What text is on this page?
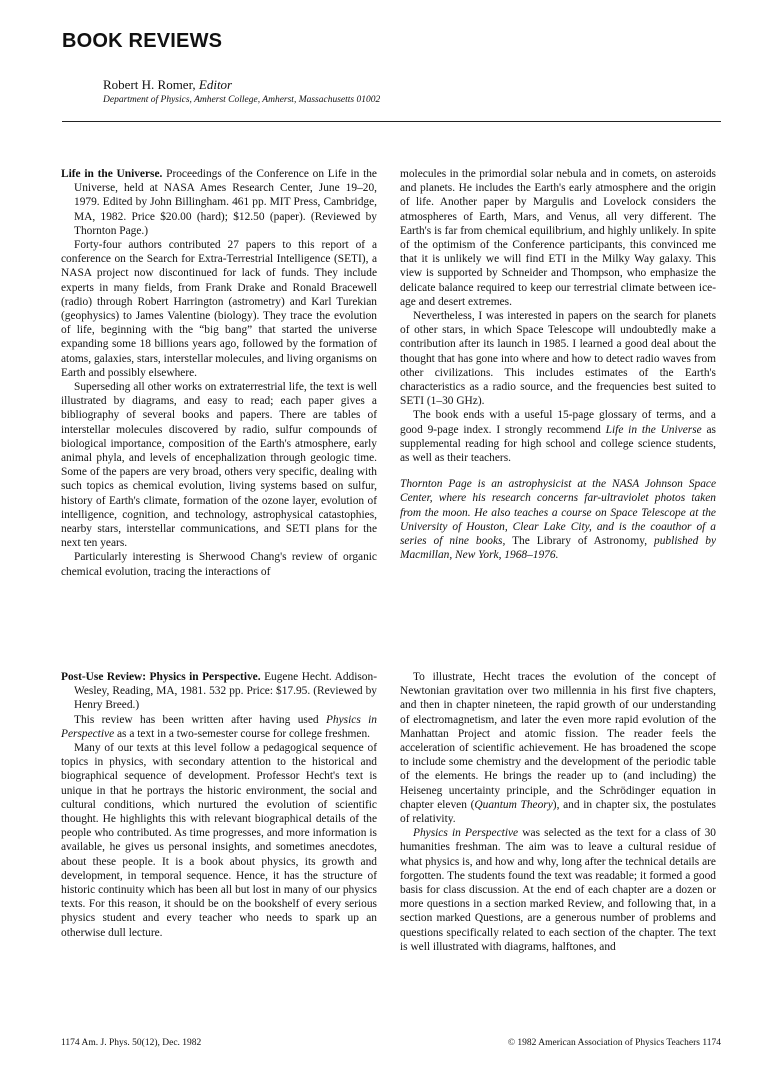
BOOK REVIEWS
Robert H. Romer, Editor
Department of Physics, Amherst College, Amherst, Massachusetts 01002

Life in the Universe. Proceedings of the Conference on Life in the Universe, held at NASA Ames Research Center, June 19–20, 1979. Edited by John Billingham. 461 pp. MIT Press, Cambridge, MA, 1982. Price $20.00 (hard); $12.50 (paper). (Reviewed by Thornton Page.)

Forty-four authors contributed 27 papers to this report of a conference on the Search for Extra-Terrestrial Intelligence (SETI), a NASA project now discontinued for lack of funds. They include experts in many fields, from Frank Drake and Ronald Bracewell (radio) through Robert Harrington (astrometry) and Karl Turekian (geophysics) to James Valentine (biology). They trace the evolution of life, beginning with the “big bang” that started the universe expanding some 18 billions years ago, followed by the formation of atoms, galaxies, stars, interstellar molecules, and living organisms on Earth and possibly elsewhere.

Superseding all other works on extraterrestrial life, the text is well illustrated by diagrams, and easy to read; each paper gives a bibliography of several books and papers. There are tables of interstellar molecules discovered by radio, sulfur compounds of biological importance, composition of the Earth's atmosphere, early animal phyla, and levels of encephalization through geologic time. Some of the papers are very broad, others very specific, dealing with such topics as chemical evolution, living systems based on sulfur, history of Earth's climate, formation of the ozone layer, evolution of intelligence, cognition, and technology, astrophysical catastophies, nearby stars, interstellar communications, and SETI plans for the next ten years.

Particularly interesting is Sherwood Chang's review of organic chemical evolution, tracing the interactions of

molecules in the primordial solar nebula and in comets, on asteroids and planets. He includes the Earth's early atmosphere and the origin of life. Another paper by Margulis and Lovelock considers the atmospheres of Earth, Mars, and Venus, all very different. The Earth's is far from chemical equilibrium, and highly unlikely. In spite of the optimism of the Conference participants, this convinced me that it is unlikely we will find ETI in the Milky Way galaxy. This view is supported by Schneider and Thompson, who emphasize the delicate balance required to keep our terrestrial climate between ice-age and desert extremes.

Nevertheless, I was interested in papers on the search for planets of other stars, in which Space Telescope will undoubtedly make a contribution after its launch in 1985. I learned a good deal about the thought that has gone into where and how to detect radio waves from other civilizations. This includes estimates of the Earth's characteristics as a radio source, and the frequencies best suited to SETI (1–30 GHz).

The book ends with a useful 15-page glossary of terms, and a good 9-page index. I strongly recommend Life in the Universe as supplemental reading for high school and college science students, as well as their teachers.

Thornton Page is an astrophysicist at the NASA Johnson Space Center, where his research concerns far-ultraviolet photos taken from the moon. He also teaches a course on Space Telescope at the University of Houston, Clear Lake City, and is the coauthor of a series of nine books, The Library of Astronomy, published by Macmillan, New York, 1968–1976.

Post-Use Review: Physics in Perspective. Eugene Hecht. Addison-Wesley, Reading, MA, 1981. 532 pp. Price: $17.95. (Reviewed by Henry Breed.)

This review has been written after having used Physics in Perspective as a text in a two-semester course for college freshmen.

Many of our texts at this level follow a pedagogical sequence of topics in physics, with secondary attention to the historical and biographical sequence of development. Professor Hecht's text is unique in that he portrays the historic environment, the social and cultural conditions, which nurtured the evolution of scientific thought. He highlights this with relevant biographical details of the people who contributed. As time progresses, and more information is available, he gives us personal insights, and sometimes anecdotes, about these people. It is a book about physics, its growth and development, in temporal sequence. Hence, it has the structure of historic continuity which has been all but lost in many of our physics texts. For this reason, it should be on the bookshelf of every serious physics student and every teacher who needs to spark up an otherwise dull lecture.

To illustrate, Hecht traces the evolution of the concept of Newtonian gravitation over two millennia in his first five chapters, and then in chapter nineteen, the rapid growth of our understanding of electromagnetism, and later the even more rapid evolution of the Manhattan Project and atomic fission. The reader feels the acceleration of scientific achievement. He has broadened the scope to include some chemistry and the development of the periodic table of the elements. He brings the reader up to (and including) the Heiseneg uncertainty principle, and the Schrödinger equation in chapter eleven (Quantum Theory), and in chapter six, the postulates of relativity.

Physics in Perspective was selected as the text for a class of 30 humanities freshman. The aim was to leave a cultural residue of what physics is, and how and why, long after the technical details are forgotten. The students found the text was readable; it formed a good basis for class discussion. At the end of each chapter are a dozen or more questions in a section marked Review, and following that, in a section marked Questions, are a generous number of problems and questions specifically related to each section of the chapter. The text is well illustrated with diagrams, halftones, and

1174 Am. J. Phys. 50(12), Dec. 1982	© 1982 American Association of Physics Teachers 1174
